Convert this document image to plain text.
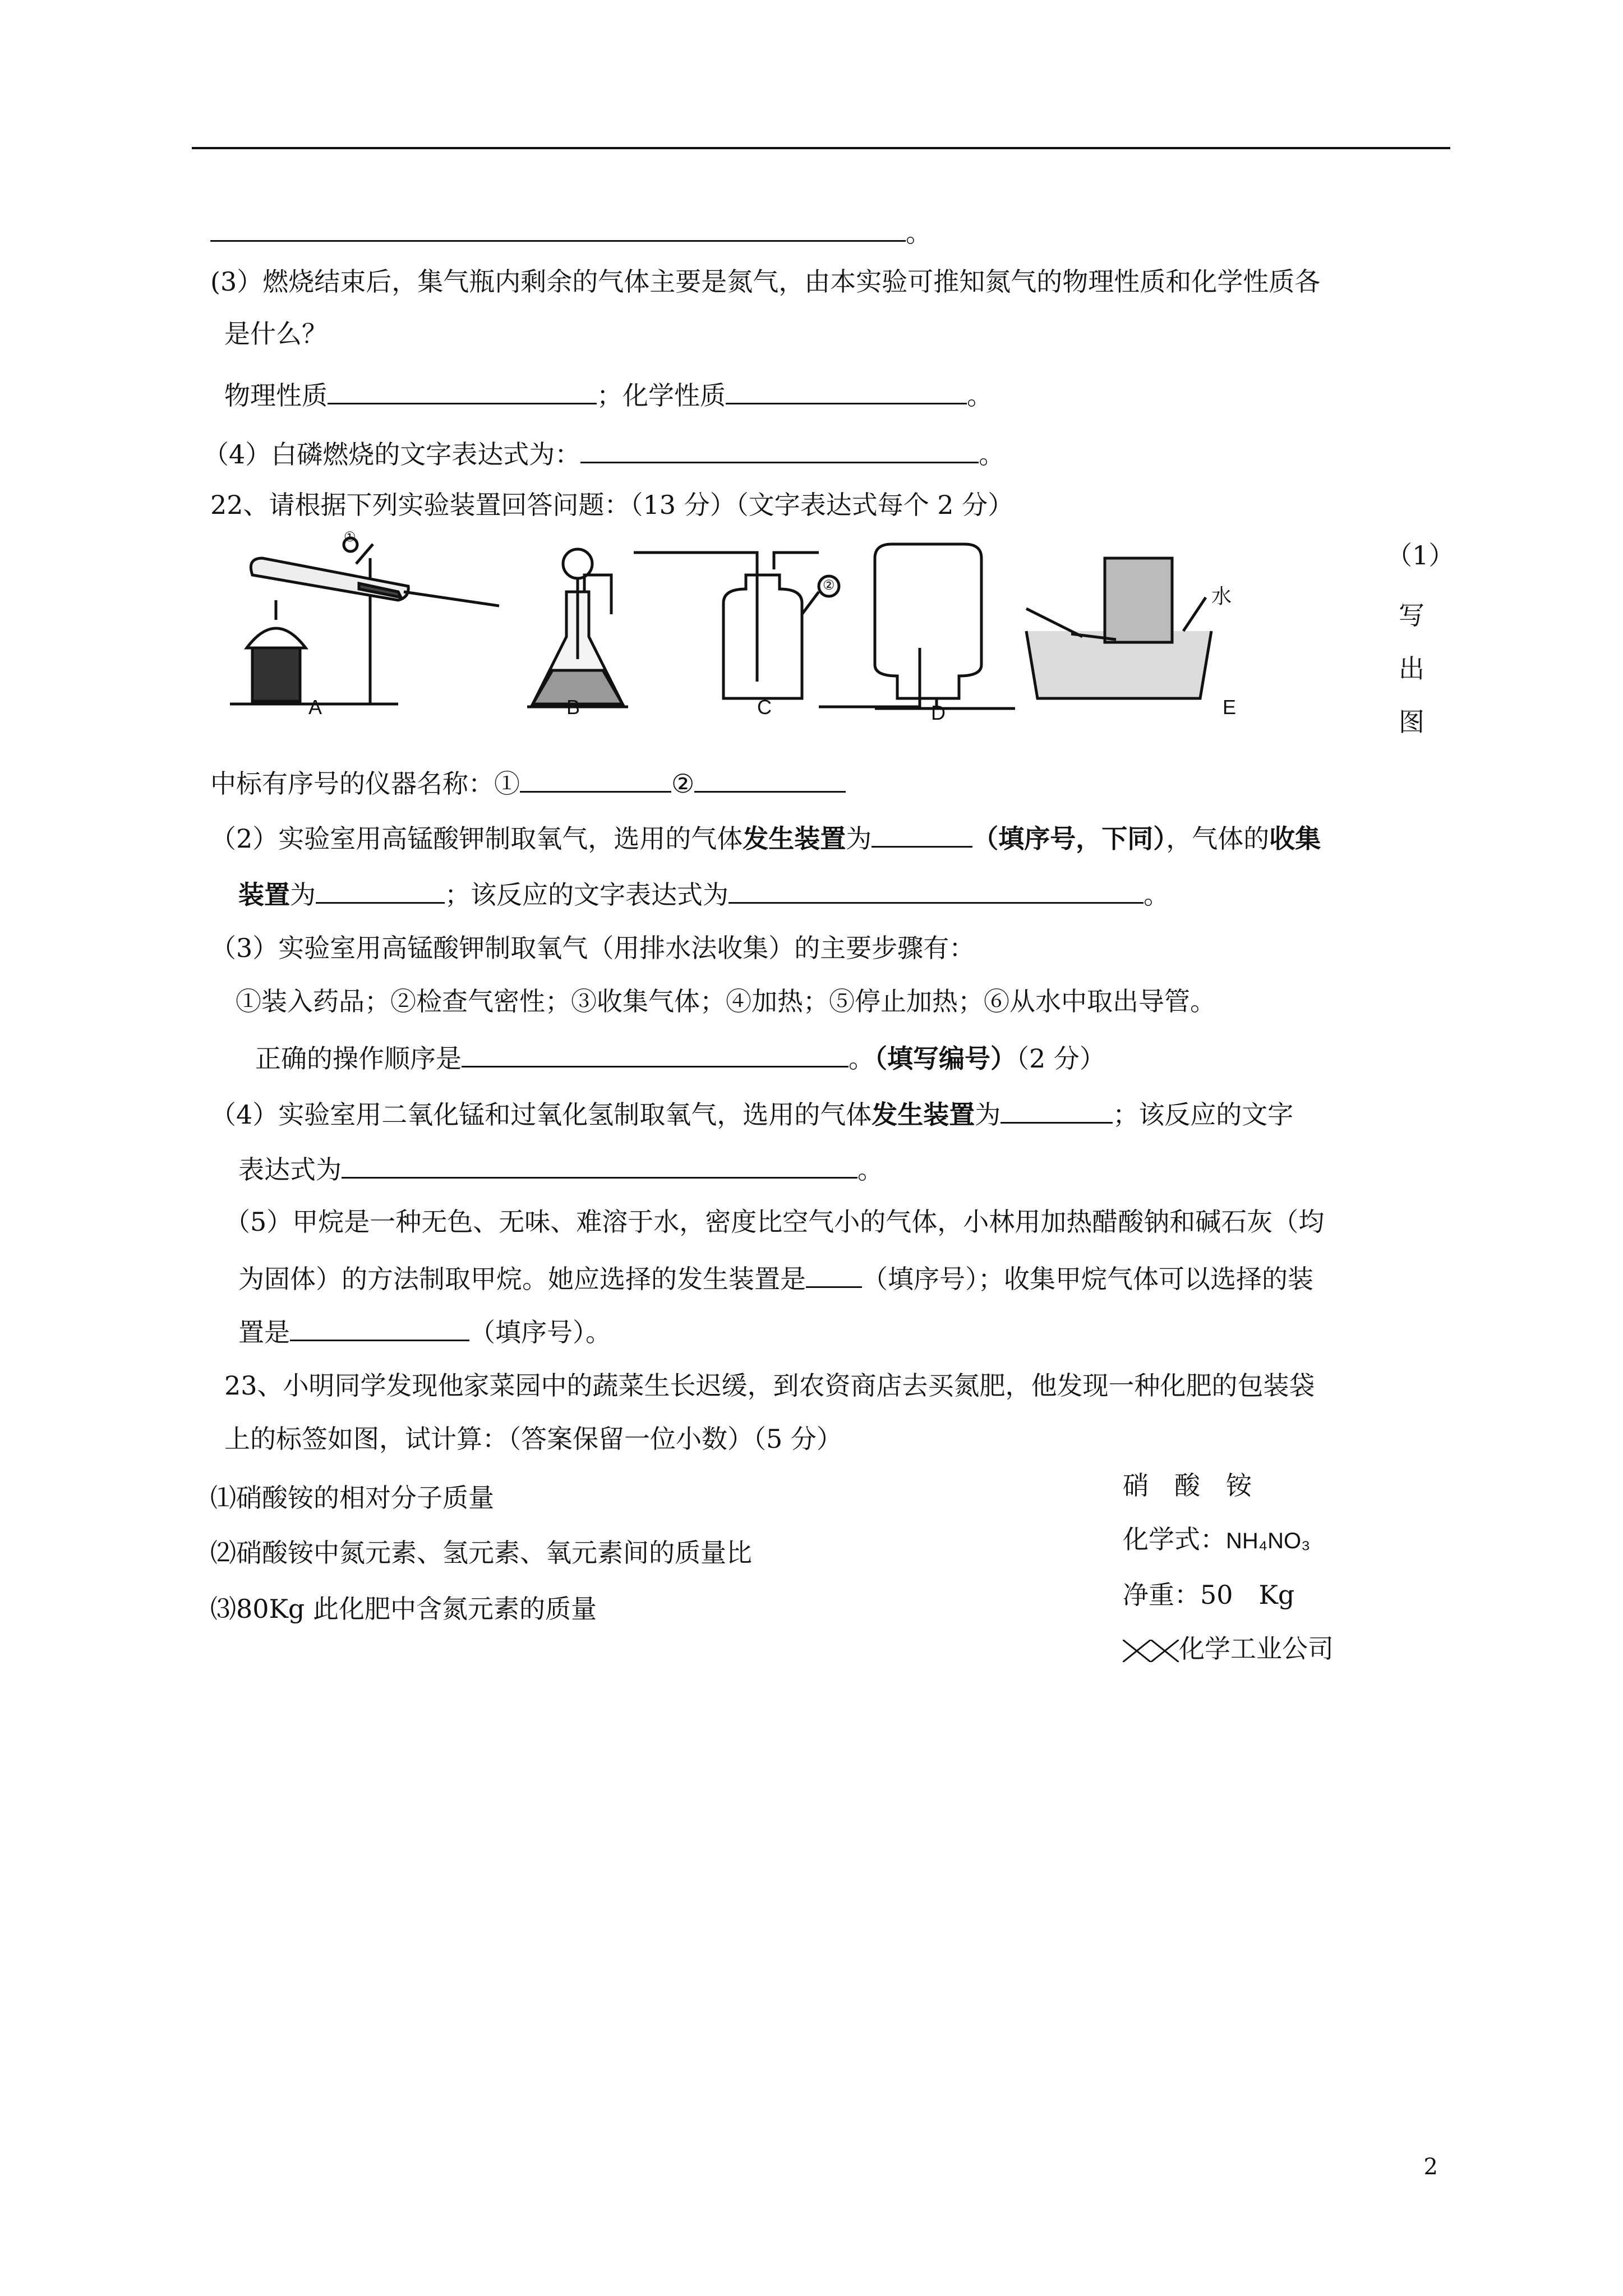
。
(3）燃烧结束后，集气瓶内剩余的气体主要是氮气，由本实验可推知氮气的物理性质和化学性质各
是什么？
物理性质	；化学性质	。
（4）白磷燃烧的文字表达式为：	。
22、请根据下列实验装置回答问题：（13 分）（文字表达式每个 2 分）
A	B	C	D	E
①
②	水
（1）
写
出
图
中标有序号的仪器名称：①	②
（2）实验室用高锰酸钾制取氧气，选用的气体发生装置为	（填序号，下同），气体的收集
装置为	；该反应的文字表达式为	。
（3）实验室用高锰酸钾制取氧气（用排水法收集）的主要步骤有：
①装入药品；②检查气密性；③收集气体；④加热；⑤停止加热；⑥从水中取出导管。
正确的操作顺序是	。（填写编号）（2 分）
（4）实验室用二氧化锰和过氧化氢制取氧气，选用的气体发生装置为	；该反应的文字
表达式为	。
（5）甲烷是一种无色、无味、难溶于水，密度比空气小的气体，小林用加热醋酸钠和碱石灰（均
为固体）的方法制取甲烷。她应选择的发生装置是 （填序号）；收集甲烷气体可以选择的装
置是	（填序号）。
23、小明同学发现他家菜园中的蔬菜生长迟缓，到农资商店去买氮肥，他发现一种化肥的包装袋
上的标签如图，试计算：（答案保留一位小数）（5 分）
⑴硝酸铵的相对分子质量
⑵硝酸铵中氮元素、氢元素、氧元素间的质量比
⑶80Kg 此化肥中含氮元素的质量
硝　酸　铵
化学式：NH₄NO₃
净重：50　Kg
化学工业公司
2
